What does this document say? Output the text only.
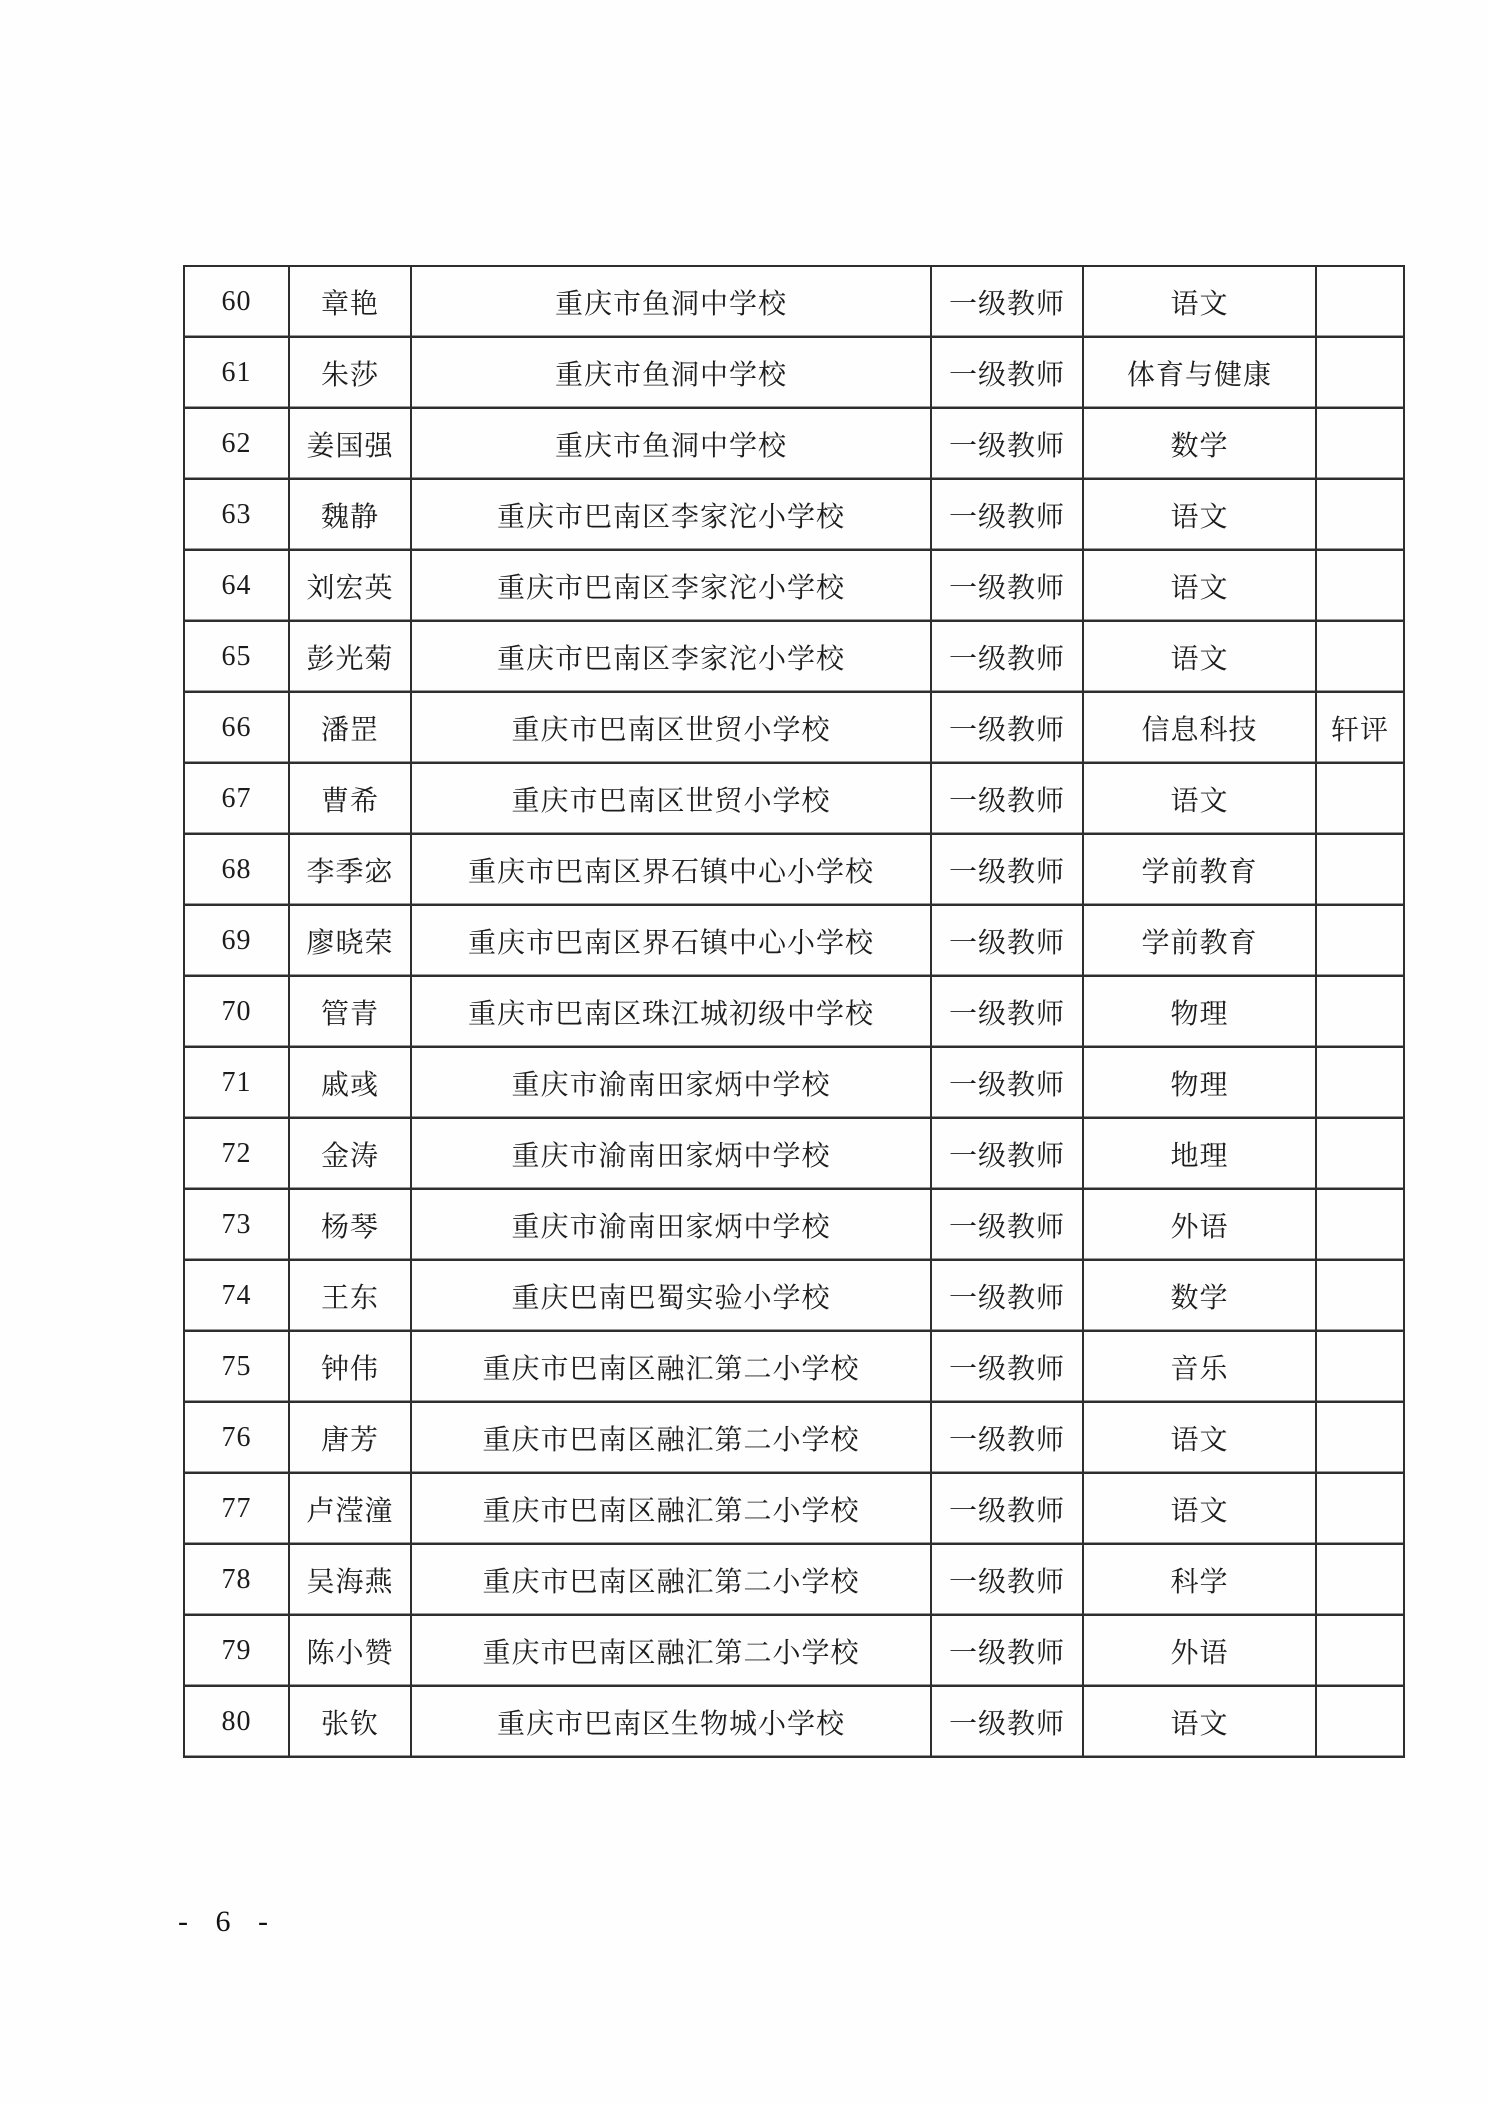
60	章艳	重庆市鱼洞中学校	一级教师	语文	
61	朱莎	重庆市鱼洞中学校	一级教师	体育与健康	
62	姜国强	重庆市鱼洞中学校	一级教师	数学	
63	魏静	重庆市巴南区李家沱小学校	一级教师	语文	
64	刘宏英	重庆市巴南区李家沱小学校	一级教师	语文	
65	彭光菊	重庆市巴南区李家沱小学校	一级教师	语文	
66	潘罡	重庆市巴南区世贸小学校	一级教师	信息科技	轩评
67	曹希	重庆市巴南区世贸小学校	一级教师	语文	
68	李季宓	重庆市巴南区界石镇中心小学校	一级教师	学前教育	
69	廖晓荣	重庆市巴南区界石镇中心小学校	一级教师	学前教育	
70	管青	重庆市巴南区珠江城初级中学校	一级教师	物理	
71	戚彧	重庆市渝南田家炳中学校	一级教师	物理	
72	金涛	重庆市渝南田家炳中学校	一级教师	地理	
73	杨琴	重庆市渝南田家炳中学校	一级教师	外语	
74	王东	重庆巴南巴蜀实验小学校	一级教师	数学	
75	钟伟	重庆市巴南区融汇第二小学校	一级教师	音乐	
76	唐芳	重庆市巴南区融汇第二小学校	一级教师	语文	
77	卢滢潼	重庆市巴南区融汇第二小学校	一级教师	语文	
78	吴海燕	重庆市巴南区融汇第二小学校	一级教师	科学	
79	陈小赞	重庆市巴南区融汇第二小学校	一级教师	外语	
80	张钦	重庆市巴南区生物城小学校	一级教师	语文	
- 6 -
